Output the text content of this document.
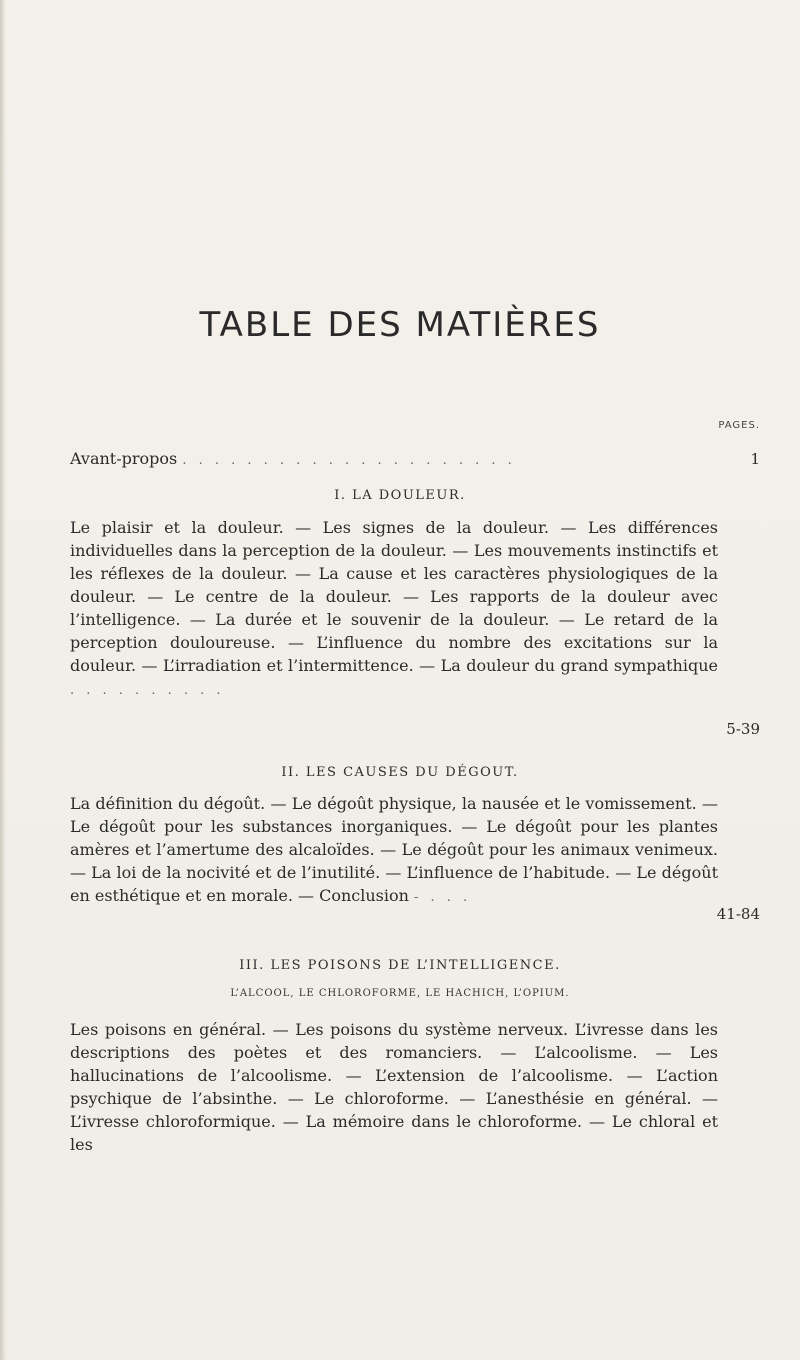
TABLE DES MATIÈRES
PAGES.
Avant-propos . . . . . . . . . . . . . . . . . . . . .	1
I. LA DOULEUR.
Le plaisir et la douleur. — Les signes de la douleur. — Les différences individuelles dans la perception de la douleur. — Les mouvements instinctifs et les réflexes de la douleur. — La cause et les caractères physiologiques de la douleur. — Le centre de la douleur. — Les rapports de la douleur avec l’intelligence. — La durée et le souvenir de la douleur. — Le retard de la perception douloureuse. — L’influence du nombre des excitations sur la douleur. — L’irradiation et l’intermittence. — La douleur du grand sympathique . . . . . . . . . .
5-39
II. LES CAUSES DU DÉGOUT.
La définition du dégoût. — Le dégoût physique, la nausée et le vomissement. — Le dégoût pour les substances inorganiques. — Le dégoût pour les plantes amères et l’amertume des alcaloïdes. — Le dégoût pour les animaux venimeux. — La loi de la nocivité et de l’inutilité. — L’influence de l’habitude. — Le dégoût en esthétique et en morale. — Conclusion - . . .
41-84
III. LES POISONS DE L’INTELLIGENCE.
L’ALCOOL, LE CHLOROFORME, LE HACHICH, L’OPIUM.
Les poisons en général. — Les poisons du système nerveux. L’ivresse dans les descriptions des poètes et des romanciers. — L’alcoolisme. — Les hallucinations de l’alcoolisme. — L’extension de l’alcoolisme. — L’action psychique de l’absinthe. — Le chloroforme. — L’anesthésie en général. — L’ivresse chloroformique. — La mémoire dans le chloroforme. — Le chloral et les
